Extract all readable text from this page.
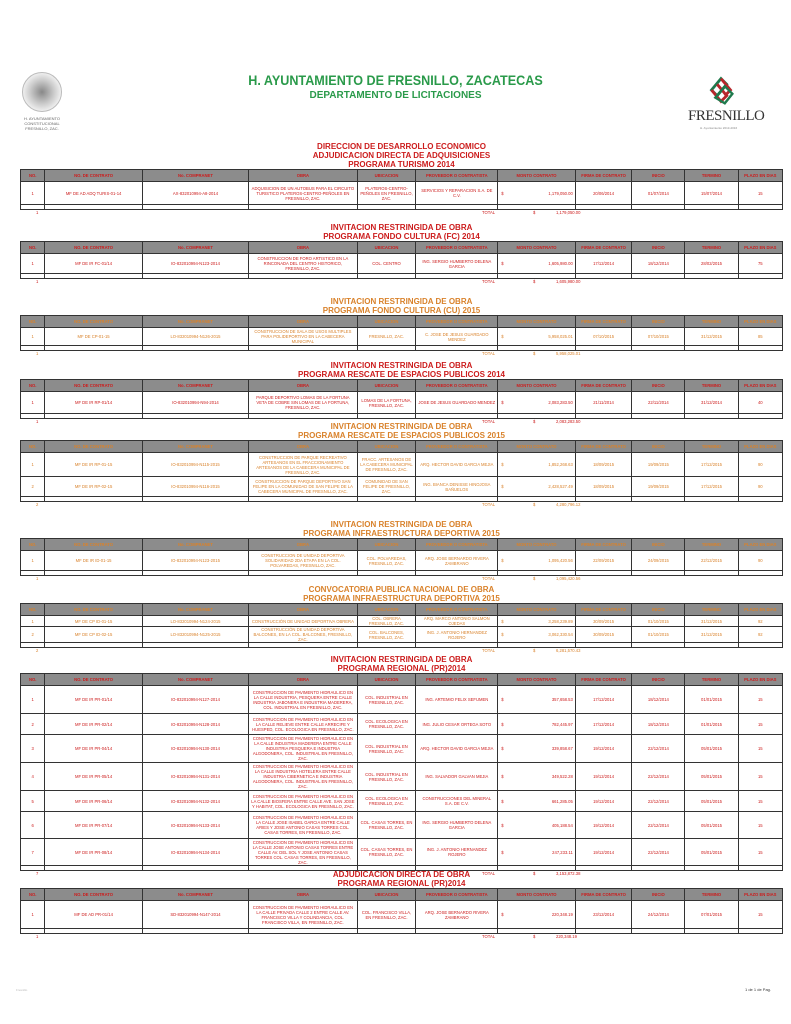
H. AYUNTAMIENTO CONSTITUCIONAL FRESNILLO, ZAC.
H. AYUNTAMIENTO DE FRESNILLO, ZACATECAS
DEPARTAMENTO DE LICITACIONES
FRESNILLO
H. Ayuntamiento 2013-2016
DIRECCION DE DESARROLLO ECONOMICO
ADJUDICACION DIRECTA DE ADQUISICIONES
PROGRAMA TURISMO 2014
NO.	NO. DE CONTRATO	No. COMPRANET	OBRA	UBICACION	PROVEEDOR O CONTRATISTA	MONTO CONTRATO	FIRMA DE CONTRATO	INICIO	TERMINO	PLAZO EN DIAS
1	MF DE AD ADQ TURIS-01-14	AX-832010994-A8-2014	ADQUISICION DE UN AUTOBUS PARA EL CIRCUITO TURISTICO PLATEROS-CENTRO-PEÑOLES EN FRESNILLO, ZAC.	PLATEROS-CENTRO-PEÑOLES EN FRESNILLO, ZAC.	SERVICIOS Y REPARACION S.A. DE C.V.	$ 1,179,050.00	20/06/2014	01/07/2014	15/07/2014	15

1	TOTAL	$	1,179,050.00
INVITACION RESTRINGIDA DE OBRA
PROGRAMA FONDO CULTURA (FC) 2014
NO.	NO. DE CONTRATO	No. COMPRANET	OBRA	UBICACION	PROVEEDOR O CONTRATISTA	MONTO CONTRATO	FIRMA DE CONTRATO	INICIO	TERMINO	PLAZO EN DIAS
1	MF DE IR FC-01/14	IO-832010994-N123-2014	CONSTRUCCION DE FORO ARTISTICO EN LA RINCONADA DEL CENTRO HISTORICO, FRESNILLO, ZAC.	COL. CENTRO	ING. SERGIO HUMBERTO DELENA GARCIA	$ 1,605,980.00	17/12/2014	18/12/2014	28/02/2015	75

1	TOTAL	$	1,605,980.00
INVITACION RESTRINGIDA DE OBRA
PROGRAMA FONDO CULTURA (CU) 2015
NO.	NO. DE CONTRATO	No. COMPRANET	OBRA	UBICACION	PROVEEDOR O CONTRATISTA	MONTO CONTRATO	FIRMA DE CONTRATO	INICIO	TERMINO	PLAZO EN DIAS
1	MF DE CP-01-15	LO-832010994-N126-2015	CONSTRUCCION DE SALA DE USOS MULTIPLES PARA POLIDEPORTIVO EN LA CABECERA MUNICIPAL	FRESNILLO, ZAC.	C. JOSE DE JESUS GUARDADO MENDEZ	$ 5,958,025.01	07/10/2015	07/10/2015	31/12/2015	85

1	TOTAL	$	5,958,025.01
INVITACION RESTRINGIDA DE OBRA
PROGRAMA RESCATE DE ESPACIOS PUBLICOS 2014
NO.	NO. DE CONTRATO	No. COMPRANET	OBRA	UBICACION	PROVEEDOR O CONTRATISTA	MONTO CONTRATO	FIRMA DE CONTRATO	INICIO	TERMINO	PLAZO EN DIAS
1	MF DE IR RP-01/14	IO-832010994-N94-2014	PARQUE DEPORTIVO LOMAS DE LA FORTUNA VETA DE COBRE SIN LOMAS DE LA FORTUNA, FRESNILLO, ZAC.	LOMAS DE LA FORTUNA, FRESNILLO, ZAC.	JOSE DE JESUS GUARDADO MENDEZ	$ 2,083,283.50	21/11/2014	22/11/2014	31/12/2014	40

1	TOTAL	$	2,083,283.50
INVITACION RESTRINGIDA DE OBRA
PROGRAMA RESCATE DE ESPACIOS PUBLICOS 2015
NO.	NO. DE CONTRATO	No. COMPRANET	OBRA	UBICACION	PROVEEDOR O CONTRATISTA	MONTO CONTRATO	FIRMA DE CONTRATO	INICIO	TERMINO	PLAZO EN DIAS
1	MF DE IR RP-01-15	IO-832010994-N115-2015	CONSTRUCCION DE PARQUE RECREATIVO ARTESANOS EN EL FRACCIONAMIENTO ARTESANOS DE LA CABECERA MUNICIPAL DE FRESNILLO, ZAC.	FRACC. ARTESANOS DE LA CABECERA MUNICIPAL DE FRESNILLO, ZAC.	ARQ. HECTOR DAVID GARCIA MEJIA	$ 1,852,268.63	18/09/2015	19/09/2015	17/12/2015	90
2	MF DE IR RP-02-15	IO-832010994-N116-2015	CONSTRUCCION DE PARQUE DEPORTIVO SAN FELIPE EN LA COMUNIDAD DE SAN FELIPE DE LA CABECERA MUNICIPAL DE FRESNILLO, ZAC.	COMUNIDAD DE SAN FELIPE DE FRESNILLO, ZAC.	ING. BIANCA DENISSE HINOJOSA BAÑUELOS	$ 2,428,527.49	18/09/2015	19/09/2015	17/12/2015	90

2	TOTAL	$	4,280,796.12
INVITACION RESTRINGIDA DE OBRA
PROGRAMA INFRAESTRUCTURA DEPORTIVA 2015
NO.	NO. DE CONTRATO	No. COMPRANET	OBRA	UBICACION	PROVEEDOR O CONTRATISTA	MONTO CONTRATO	FIRMA DE CONTRATO	INICIO	TERMINO	PLAZO EN DIAS
1	MF DE IR ID-01-15	IO-832010994-N123-2015	CONSTRUCCION DE UNIDAD DEPORTIVA SOLIDARIDAD 2DA ETAPA EN LA COL. POLVAREDAS, FRESNILLO, ZAC.	COL. POLVAREDAS, FRESNILLO, ZAC.	ARQ. JOSE BERNARDO RIVERA ZAMBRANO	$ 1,095,420.56	22/09/2015	24/09/2015	22/12/2015	90

1	TOTAL	$	1,095,420.56
CONVOCATORIA PUBLICA NACIONAL DE OBRA
PROGRAMA INFRAESTRUCTURA DEPORTIVA 2015
NO.	NO. DE CONTRATO	No. COMPRANET	OBRA	UBICACION	PROVEEDOR O CONTRATISTA	MONTO CONTRATO	FIRMA DE CONTRATO	INICIO	TERMINO	PLAZO EN DIAS
1	MF DE CP ID-01-15	LO-832010994-N124-2015	CONSTRUCCIÓN DE UNIDAD DEPORTIVA OBRERA	COL. OBRERA FRESNILLO, ZAC.	ARQ. MARCO ANTONIO SALMON OJEDAS	$ 3,258,239.89	30/09/2015	01/10/2015	31/12/2015	92
2	MF DE CP ID-02-15	LO-832010994-N125-2015	CONSTRUCCIÓN DE UNIDAD DEPORTIVA BALCONES, EN LA COL. BALCONES, FRESNILLO, ZAC.	COL. BALCONES, FRESNILLO, ZAC.	ING. J. ANTONIO HERNANDEZ ROJERO	$ 3,062,330.54	30/09/2015	01/10/2015	31/12/2015	92

2	TOTAL	$	6,281,570.43
INVITACION RESTRINGIDA DE OBRA
PROGRAMA REGIONAL (PR)2014
NO.	NO. DE CONTRATO	No. COMPRANET	OBRA	UBICACION	PROVEEDOR O CONTRATISTA	MONTO CONTRATO	FIRMA DE CONTRATO	INICIO	TERMINO	PLAZO EN DIAS
1	MF DE IR PR-01/14	IO-832010994-N127-2014	CONSTRUCCION DE PAVIMENTO HIDRAULICO EN LA CALLE INDUSTRIA, PESQUERA ENTRE CALLE INDUSTRIA JABONERA E INDUSTRIA MADERERA, COL. INDUSTRIAL EN FRESNILLO, ZAC.	COL. INDUSTRIAL EN FRESNILLO, ZAC.	ING. ARTEMIO FELIX SEFUMEN	$ 357,658.53	17/12/2014	18/12/2014	01/01/2015	15
2	MF DE IR PR-02/14	IO-832010994-N128-2014	CONSTRUCCION DE PAVIMENTO HIDRAULICO EN LA CALLE RELIEVE ENTRE CALLE ARRECIFE Y HUESPED, COL. ECOLOGICA EN FRESNILLO, ZAC.	COL. ECOLOGICA EN FRESNILLO, ZAC.	ING. JULIO CESAR ORTEGA SOTO	$ 782,445.97	17/12/2014	18/12/2014	01/01/2015	15
3	MF DE IR PR-04/14	IO-832010994-N130-2014	CONSTRUCCION DE PAVIMENTO HIDRAULICO EN LA CALLE INDUSTRIA MADERERA ENTRE CALLE INDUSTRIA PESQUERA E INDUSTRIA ALGODONERA, COL. INDUSTRIAL EN FRESNILLO, ZAC.	COL. INDUSTRIAL EN FRESNILLO, ZAC.	ARQ. HECTOR DAVID GARCIA MEJIA	$ 339,858.67	19/12/2014	22/12/2014	05/01/2015	15
4	MF DE IR PR-05/14	IO-832010994-N131-2014	CONSTRUCCION DE PAVIMENTO HIDRAULICO EN LA CALLE INDUSTRIA HOTELERA ENTRE CALLE INDUSTRIA CIBERNETICA E INDUSTRIA ALGODONERA, COL. INDUSTRIAL EN FRESNILLO, ZAC.	COL. INDUSTRIAL EN FRESNILLO, ZAC.	ING. SALVADOR GALVAN MEJIA	$ 349,522.28	19/12/2014	22/12/2014	05/01/2015	15
5	MF DE IR PR-06/14	IO-832010994-N132-2014	CONSTRUCCION DE PAVIMENTO HIDRAULICO EN LA CALLE BIOSFERA ENTRE CALLE AVE. SAN JOSE Y HABITAT, COL. ECOLOGICA EN FRESNILLO, ZAC.	COL. ECOLOGICA EN FRESNILLO, ZAC.	CONSTRUCCIONES DEL MINERAL S.A. DE C.V.	$ 661,285.05	19/12/2014	22/12/2014	05/01/2015	15
6	MF DE IR PR-07/14	IO-832010994-N133-2014	CONSTRUCCION DE PAVIMENTO HIDRAULICO EN LA CALLE JOSE ISABEL GARCIA ENTRE CALLE ARIES Y JOSE ANTONIO CASAS TORRES COL. CASAS TORRES, EN FRESNILLO, ZAC.	COL. CASAS TORRES, EN FRESNILLO, ZAC.	ING. SERGIO HUMBERTO DELENA GARCIA	$ 405,188.54	19/12/2014	22/12/2014	05/01/2015	15
7	MF DE IR PR-08/14	IO-832010994-N134-2014	CONSTRUCCION DE PAVIMENTO HIDRAULICO EN LA CALLE JOSE ANTONIO CASAS TORRES ENTRE CALLE AV. DEL SOL Y JOSE ANTONIO CASAS TORRES COL. CASAS TORRES, EN FRESNILLO, ZAC.	COL. CASAS TORRES, EN FRESNILLO, ZAC.	ING. J. ANTONIO HERNANDEZ ROJERO	$ 247,233.11	19/12/2014	22/12/2014	05/01/2015	15

7	TOTAL	$	3,153,872.38
ADJUDICACION DIRECTA DE OBRA
PROGRAMA REGIONAL (PR)2014
NO.	NO. DE CONTRATO	No. COMPRANET	OBRA	UBICACION	PROVEEDOR O CONTRATISTA	MONTO CONTRATO	FIRMA DE CONTRATO	INICIO	TERMINO	PLAZO EN DIAS
1	MF DE AD PR-01/14	SD-832010994-N147-2014	CONSTRUCCION DE PAVIMENTO HIDRAULICO EN LA CALLE PRIVADA CALLE 2 ENTRE CALLE AV. FRANCISCO VILLA Y COLINDANCIA, COL. FRANCISCO VILLA, EN FRESNILLO, ZAC.	COL. FRANCISCO VILLA, EN FRESNILLO, ZAC.	ARQ. JOSE BERNARDO RIVERA ZAMBRANO	$ 220,348.19	23/12/2014	24/12/2014	07/01/2015	15

1	TOTAL	$	220,348.19
Fresnillo	1 de 1 de Pag.
